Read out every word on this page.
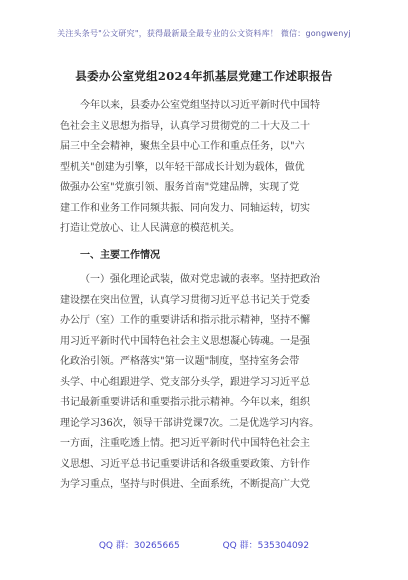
关注头条号"公文研究"，获得最新最全最专业的公文资料库！ 微信：gongwenyj
县委办公室党组2024年抓基层党建工作述职报告
今年以来，县委办公室党组坚持以习近平新时代中国特
色社会主义思想为指导，认真学习贯彻党的二十大及二十
届三中全会精神，聚焦全县中心工作和重点任务，以"六
型机关"创建为引擎，以年轻干部成长计划为载体，做优
做强办公室"党旗引领、服务首南"党建品牌，实现了党
建工作和业务工作同频共振、同向发力、同轴运转，切实
打造让党放心、让人民满意的模范机关。
一、主要工作情况
（一）强化理论武装，做对党忠诚的表率。坚持把政治
建设摆在突出位置，认真学习贯彻习近平总书记关于党委
办公厅（室）工作的重要讲话和指示批示精神，坚持不懈
用习近平新时代中国特色社会主义思想凝心铸魂。一是强
化政治引领。严格落实"第一议题"制度，坚持室务会带
头学、中心组跟进学、党支部分头学，跟进学习习近平总
书记最新重要讲话和重要指示批示精神。今年以来，组织
理论学习36次，领导干部讲党课7次。二是优选学习内容。
一方面，注重吃透上情。把习近平新时代中国特色社会主
义思想、习近平总书记重要讲话和各级重要政策、方针作
为学习重点，坚持与时俱进、全面系统，不断提高广大党
QQ 群：30265665	QQ 群：535304092
